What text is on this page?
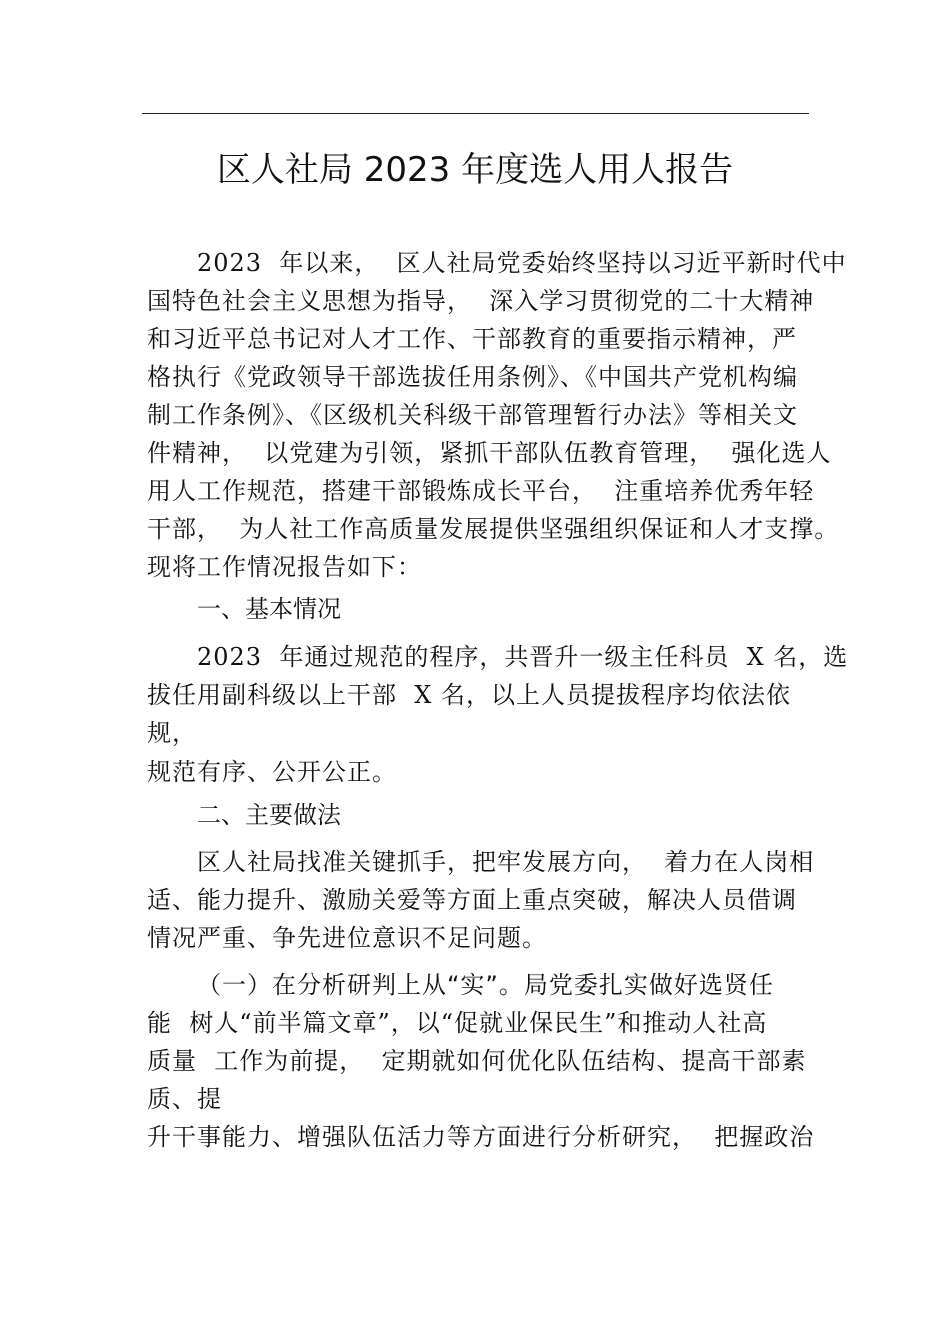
区人社局 2023 年度选人用人报告
2023  年以来，  区人社局党委始终坚持以习近平新时代中
国特色社会主义思想为指导，  深入学习贯彻党的二十大精神
和习近平总书记对人才工作、干部教育的重要指示精神，严
格执行《党政领导干部选拔任用条例》、《中国共产党机构编
制工作条例》、《区级机关科级干部管理暂行办法》等相关文
件精神，  以党建为引领，紧抓干部队伍教育管理，  强化选人
用人工作规范，搭建干部锻炼成长平台，  注重培养优秀年轻
干部，  为人社工作高质量发展提供坚强组织保证和人才支撑。
现将工作情况报告如下：
一、基本情况
2023  年通过规范的程序，共晋升一级主任科员  X 名，选
拔任用副科级以上干部  X 名，以上人员提拔程序均依法依
规，
规范有序、公开公正。
二、主要做法
区人社局找准关键抓手，把牢发展方向，  着力在人岗相
适、能力提升、激励关爱等方面上重点突破，解决人员借调
情况严重、争先进位意识不足问题。
（一）在分析研判上从“实”。局党委扎实做好选贤任
能  树人“前半篇文章”，以“促就业保民生”和推动人社高
质量  工作为前提，  定期就如何优化队伍结构、提高干部素
质、提
升干事能力、增强队伍活力等方面进行分析研究，  把握政治
